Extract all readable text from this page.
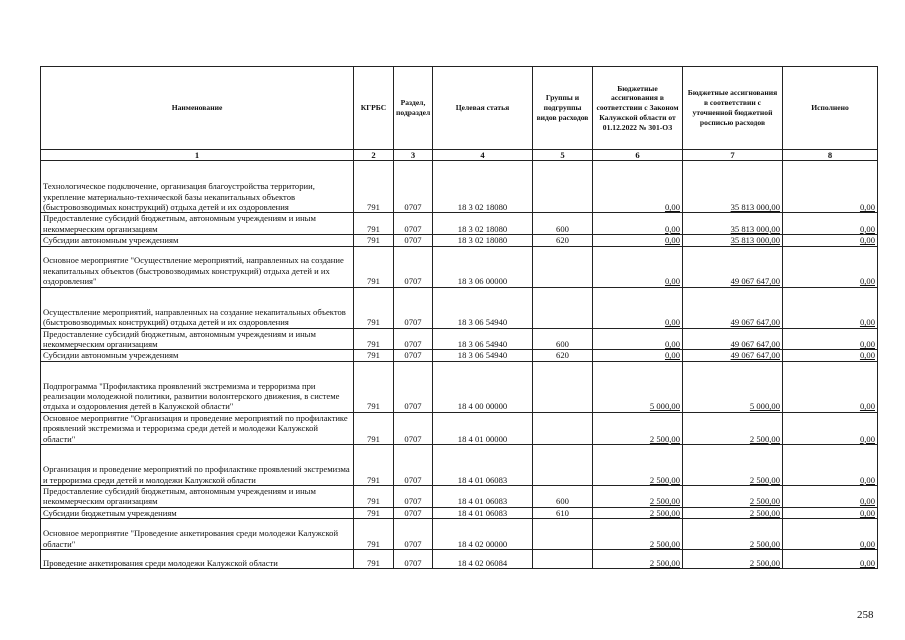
Наименование	КГРБС	Раздел, подраздел	Целевая статья	Группы и подгруппы видов расходов	Бюджетные ассигнования в соответствии с Законом Калужской области от 01.12.2022 № 301-ОЗ	Бюджетные ассигнования в соответствии с уточненной бюджетной росписью расходов	Исполнено
1	2	3	4	5	6	7	8
Технологическое подключение, организация благоустройства территории, укрепление материально-технической базы некапитальных объектов (быстровозводимых конструкций) отдыха детей и их оздоровления	791	0707	18 3 02 18080		0,00	35 813 000,00	0,00
Предоставление субсидий бюджетным, автономным учреждениям и иным некоммерческим организациям	791	0707	18 3 02 18080	600	0,00	35 813 000,00	0,00
Субсидии автономным учреждениям	791	0707	18 3 02 18080	620	0,00	35 813 000,00	0,00
Основное мероприятие "Осуществление мероприятий, направленных на создание некапитальных объектов (быстровозводимых конструкций) отдыха детей и их оздоровления"	791	0707	18 3 06 00000		0,00	49 067 647,00	0,00
Осуществление мероприятий, направленных на создание некапитальных объектов (быстровозводимых конструкций) отдыха детей и их оздоровления	791	0707	18 3 06 54940		0,00	49 067 647,00	0,00
Предоставление субсидий бюджетным, автономным учреждениям и иным некоммерческим организациям	791	0707	18 3 06 54940	600	0,00	49 067 647,00	0,00
Субсидии автономным учреждениям	791	0707	18 3 06 54940	620	0,00	49 067 647,00	0,00
Подпрограмма "Профилактика проявлений экстремизма и терроризма при реализации молодежной политики, развитии волонтерского движения, в системе отдыха и оздоровления детей в Калужской области"	791	0707	18 4 00 00000		5 000,00	5 000,00	0,00
Основное мероприятие "Организация и проведение мероприятий по профилактике проявлений экстремизма и терроризма среди детей и молодежи Калужской области"	791	0707	18 4 01 00000		2 500,00	2 500,00	0,00
Организация и проведение мероприятий по профилактике проявлений экстремизма и терроризма среди детей и молодежи Калужской области	791	0707	18 4 01 06083		2 500,00	2 500,00	0,00
Предоставление субсидий бюджетным, автономным учреждениям и иным некоммерческим организациям	791	0707	18 4 01 06083	600	2 500,00	2 500,00	0,00
Субсидии бюджетным учреждениям	791	0707	18 4 01 06083	610	2 500,00	2 500,00	0,00
Основное мероприятие "Проведение анкетирования среди молодежи Калужской области"	791	0707	18 4 02 00000		2 500,00	2 500,00	0,00
Проведение анкетирования среди молодежи Калужской области	791	0707	18 4 02 06084		2 500,00	2 500,00	0,00
258
